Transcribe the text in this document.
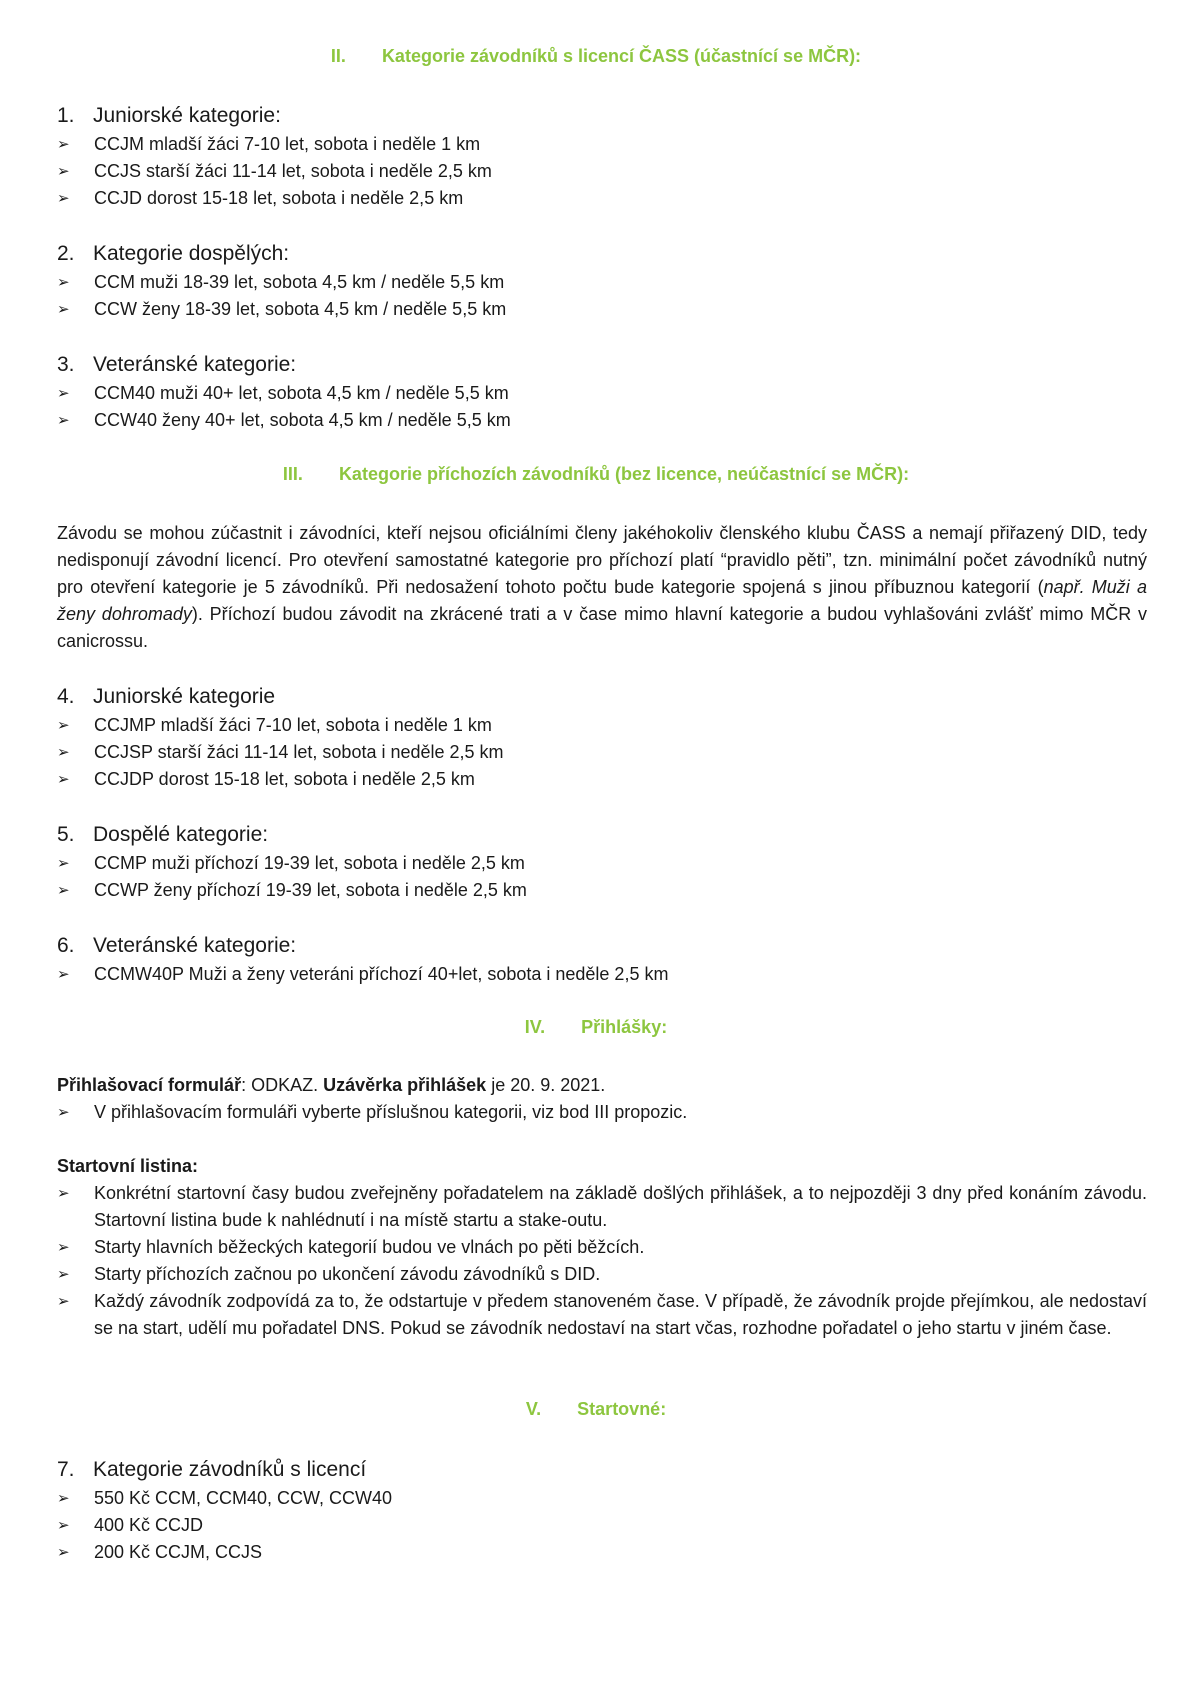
II. Kategorie závodníků s licencí ČASS (účastnící se MČR):
1. Juniorské kategorie:
➢ CCJM mladší žáci 7-10 let, sobota i neděle 1 km
➢ CCJS starší žáci 11-14 let, sobota i neděle 2,5 km
➢ CCJD dorost 15-18 let, sobota i neděle 2,5 km
2. Kategorie dospělých:
➢ CCM muži 18-39 let, sobota 4,5 km / neděle 5,5 km
➢ CCW ženy 18-39 let, sobota 4,5 km / neděle 5,5 km
3. Veteránské kategorie:
➢ CCM40 muži 40+ let, sobota 4,5 km / neděle 5,5 km
➢ CCW40 ženy 40+ let, sobota 4,5 km / neděle 5,5 km
III. Kategorie příchozích závodníků (bez licence, neúčastnící se MČR):
Závodu se mohou zúčastnit i závodníci, kteří nejsou oficiálními členy jakéhokoliv členského klubu ČASS a nemají přiřazený DID, tedy nedisponují závodní licencí. Pro otevření samostatné kategorie pro příchozí platí “pravidlo pěti”, tzn. minimální počet závodníků nutný pro otevření kategorie je 5 závodníků. Při nedosažení tohoto počtu bude kategorie spojená s jinou příbuznou kategorií (např. Muži a ženy dohromady). Příchozí budou závodit na zkrácené trati a v čase mimo hlavní kategorie a budou vyhlašováni zvlášť mimo MČR v canicrossu.
4. Juniorské kategorie
➢ CCJMP mladší žáci 7-10 let, sobota i neděle 1 km
➢ CCJSP starší žáci 11-14 let, sobota i neděle 2,5 km
➢ CCJDP dorost 15-18 let, sobota i neděle 2,5 km
5. Dospělé kategorie:
➢ CCMP muži příchozí 19-39 let, sobota i neděle 2,5 km
➢ CCWP ženy příchozí 19-39 let, sobota i neděle 2,5 km
6. Veteránské kategorie:
➢ CCMW40P Muži a ženy veteráni příchozí 40+let, sobota i neděle 2,5 km
IV. Přihlášky:
Přihlašovací formulář: ODKAZ. Uzávěrka přihlášek je 20. 9. 2021.
➢ V přihlašovacím formuláři vyberte příslušnou kategorii, viz bod III propozic.
Startovní listina:
➢	Konkrétní startovní časy budou zveřejněny pořadatelem na základě došlých přihlášek, a to nejpozději 3 dny před konáním závodu. Startovní listina bude k nahlédnutí i na místě startu a stake-outu.
➢ Starty hlavních běžeckých kategorií budou ve vlnách po pěti běžcích.
➢ Starty příchozích začnou po ukončení závodu závodníků s DID.
➢	Každý závodník zodpovídá za to, že odstartuje v předem stanoveném čase. V případě, že závodník projde přejímkou, ale nedostaví se na start, udělí mu pořadatel DNS. Pokud se závodník nedostaví na start včas, rozhodne pořadatel o jeho startu v jiném čase.
V. Startovné:
7. Kategorie závodníků s licencí
➢ 550 Kč CCM, CCM40, CCW, CCW40
➢ 400 Kč CCJD
➢ 200 Kč CCJM, CCJS
